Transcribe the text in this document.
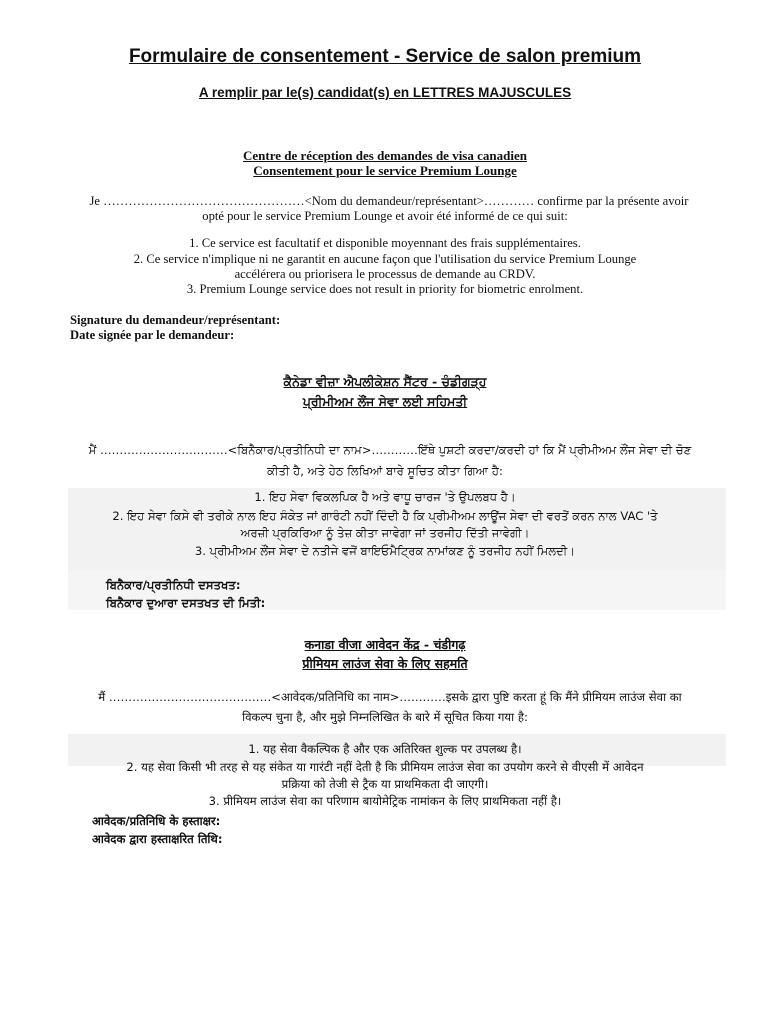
Formulaire de consentement - Service de salon premium
A remplir par le(s) candidat(s) en LETTRES MAJUSCULES
Centre de réception des demandes de visa canadien
Consentement pour le service Premium Lounge
Je …………………………………………<Nom du demandeur/représentant>………… confirme par la présente avoir
opté pour le service Premium Lounge et avoir été informé de ce qui suit:
1. Ce service est facultatif et disponible moyennant des frais supplémentaires.
2. Ce service n'implique ni ne garantit en aucune façon que l'utilisation du service Premium Lounge
accélérera ou priorisera le processus de demande au CRDV.
3. Premium Lounge service does not result in priority for biometric enrolment.
Signature du demandeur/représentant:
Date signée par le demandeur:
ਕੈਨੇਡਾ ਵੀਜ਼ਾ ਐਪਲੀਕੇਸ਼ਨ ਸੈਂਟਰ - ਚੰਡੀਗੜ੍ਹ
ਪ੍ਰੀਮੀਅਮ ਲੌਂਜ ਸੇਵਾ ਲਈ ਸਹਿਮਤੀ
ਮੈਂ ……………………………<ਬਿਨੈਕਾਰ/ਪ੍ਰਤੀਨਿਧੀ ਦਾ ਨਾਮ>…………ਇੱਥੇ ਪੁਸ਼ਟੀ ਕਰਦਾ/ਕਰਦੀ ਹਾਂ ਕਿ ਮੈਂ ਪ੍ਰੀਮੀਅਮ ਲੌਂਜ ਸੇਵਾ ਦੀ ਚੋਣ
ਕੀਤੀ ਹੈ, ਅਤੇ ਹੇਠ ਲਿਖਿਆਂ ਬਾਰੇ ਸੂਚਿਤ ਕੀਤਾ ਗਿਆ ਹੈ:
1. ਇਹ ਸੇਵਾ ਵਿਕਲਪਿਕ ਹੈ ਅਤੇ ਵਾਧੂ ਚਾਰਜ 'ਤੇ ਉਪਲਬਧ ਹੈ।
2. ਇਹ ਸੇਵਾ ਕਿਸੇ ਵੀ ਤਰੀਕੇ ਨਾਲ ਇਹ ਸੰਕੇਤ ਜਾਂ ਗਾਰੰਟੀ ਨਹੀਂ ਦਿੰਦੀ ਹੈ ਕਿ ਪ੍ਰੀਮੀਅਮ ਲਾਊਂਜ ਸੇਵਾ ਦੀ ਵਰਤੋਂ ਕਰਨ ਨਾਲ VAC 'ਤੇ
ਅਰਜ਼ੀ ਪ੍ਰਕਿਰਿਆ ਨੂੰ ਤੇਜ਼ ਕੀਤਾ ਜਾਵੇਗਾ ਜਾਂ ਤਰਜੀਹ ਦਿੱਤੀ ਜਾਵੇਗੀ।
3. ਪ੍ਰੀਮੀਅਮ ਲੌਂਜ ਸੇਵਾ ਦੇ ਨਤੀਜੇ ਵਜੋਂ ਬਾਇਓਮੈਟ੍ਰਿਕ ਨਾਮਾਂਕਣ ਨੂੰ ਤਰਜੀਹ ਨਹੀਂ ਮਿਲਦੀ।
ਬਿਨੈਕਾਰ/ਪ੍ਰਤੀਨਿਧੀ ਦਸਤਖਤ:
ਬਿਨੈਕਾਰ ਦੁਆਰਾ ਦਸਤਖਤ ਦੀ ਮਿਤੀ:
कनाडा वीजा आवेदन केंद्र - चंडीगढ़
प्रीमियम लाउंज सेवा के लिए सहमति
मैं ……………………………………<आवेदक/प्रतिनिधि का नाम>…………इसके द्वारा पुष्टि करता हूं कि मैंने प्रीमियम लाउंज सेवा का
विकल्प चुना है, और मुझे निम्नलिखित के बारे में सूचित किया गया है:
1. यह सेवा वैकल्पिक है और एक अतिरिक्त शुल्क पर उपलब्ध है।
2. यह सेवा किसी भी तरह से यह संकेत या गारंटी नहीं देती है कि प्रीमियम लाउंज सेवा का उपयोग करने से वीएसी में आवेदन
प्रक्रिया को तेजी से ट्रैक या प्राथमिकता दी जाएगी।
3. प्रीमियम लाउंज सेवा का परिणाम बायोमेट्रिक नामांकन के लिए प्राथमिकता नहीं है।
आवेदक/प्रतिनिधि के हस्ताक्षर:
आवेदक द्वारा हस्ताक्षरित तिथि:
